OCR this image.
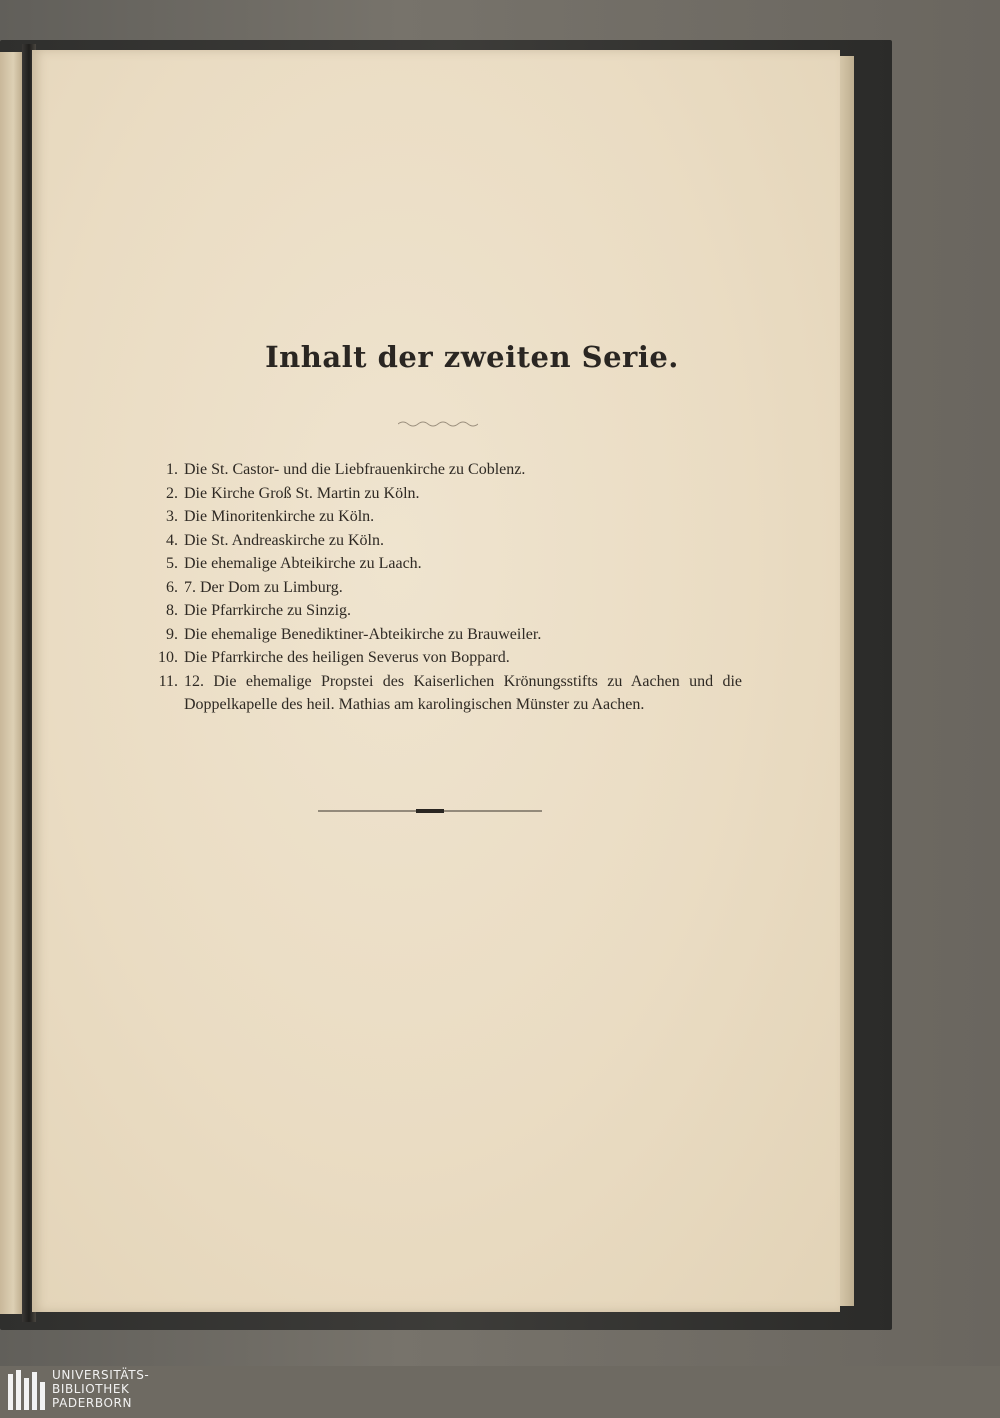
Inhalt der zweiten Serie.
1. Die St. Castor- und die Liebfrauenkirche zu Coblenz.
2. Die Kirche Groß St. Martin zu Köln.
3. Die Minoritenkirche zu Köln.
4. Die St. Andreaskirche zu Köln.
5. Die ehemalige Abteikirche zu Laach.
6. 7. Der Dom zu Limburg.
8. Die Pfarrkirche zu Sinzig.
9. Die ehemalige Benediktiner-Abteikirche zu Brauweiler.
10. Die Pfarrkirche des heiligen Severus von Boppard.
11. 12. Die ehemalige Propstei des Kaiserlichen Krönungsstifts zu Aachen und die Doppelkapelle des heil. Mathias am karolingischen Münster zu Aachen.
UNIVERSITÄTS-
BIBLIOTHEK
PADERBORN
